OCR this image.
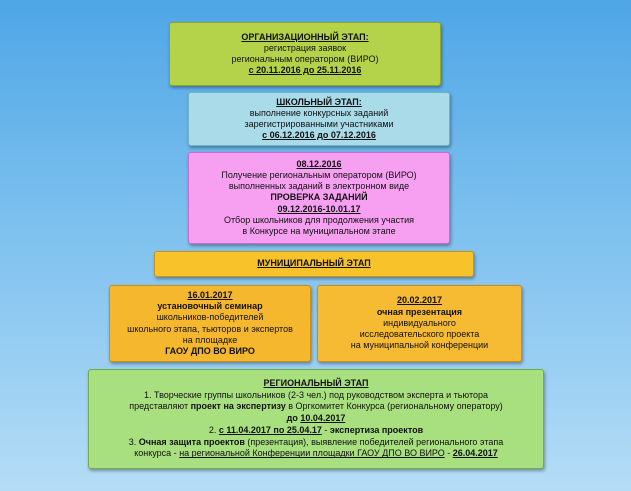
ОРГАНИЗАЦИОННЫЙ ЭТАП:
регистрация заявок
региональным оператором (ВИРО)
с 20.11.2016 до 25.11.2016
ШКОЛЬНЫЙ ЭТАП:
выполнение конкурсных заданий
зарегистрированными участниками
с 06.12.2016 до 07.12.2016
08.12.2016
Получение региональным оператором (ВИРО)
выполненных заданий в электронном виде
ПРОВЕРКА ЗАДАНИЙ
09.12.2016-10.01.17
Отбор школьников для продолжения участия
в Конкурсе на муниципальном этапе
МУНИЦИПАЛЬНЫЙ ЭТАП
16.01.2017
установочный семинар
школьников-победителей
школьного этапа, тьюторов и экспертов
на площадке
ГАОУ ДПО ВО ВИРО
20.02.2017
очная презентация
индивидуального
исследовательского проекта
на муниципальной конференции
РЕГИОНАЛЬНЫЙ ЭТАП
1. Творческие группы школьников (2-3 чел.) под руководством эксперта и тьютора
представляют проект на экспертизу в Оргкомитет Конкурса (региональному оператору)
до 10.04.2017
2. с 11.04.2017 по 25.04.17 - экспертиза проектов
3. Очная защита проектов (презентация), выявление победителей регионального этапа
конкурса - на региональной Конференции площадки ГАОУ ДПО ВО ВИРО - 26.04.2017
